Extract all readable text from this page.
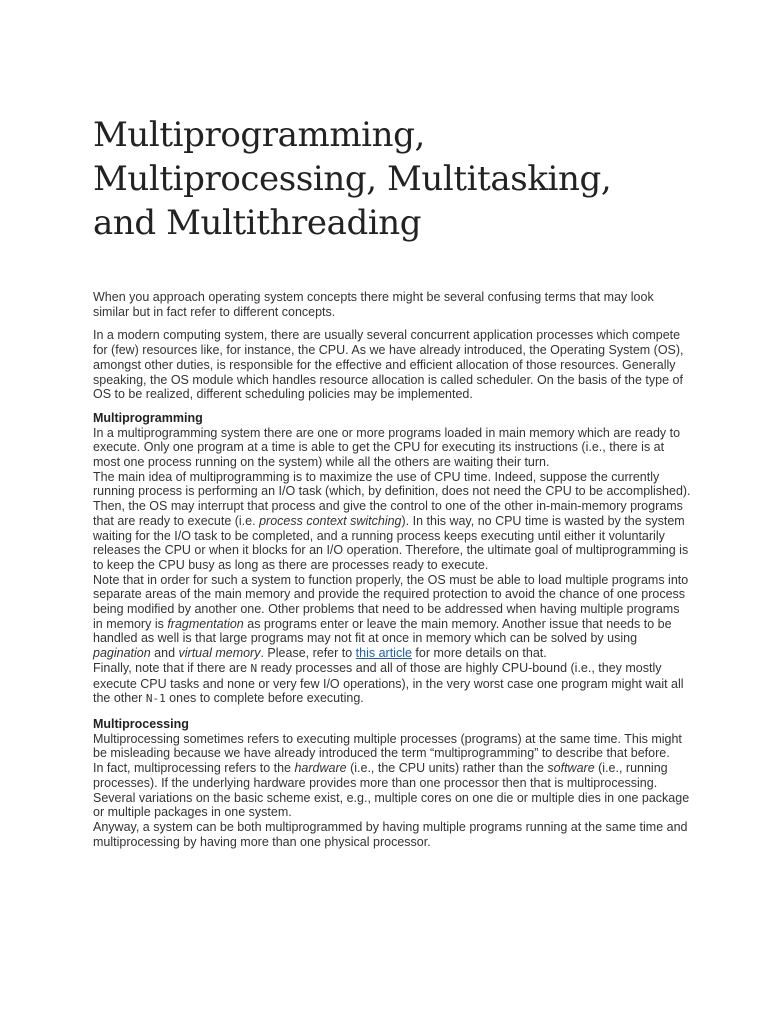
Multiprogramming,
Multiprocessing, Multitasking,
and Multithreading

When you approach operating system concepts there might be several confusing terms that may look similar but in fact refer to different concepts.

In a modern computing system, there are usually several concurrent application processes which compete for (few) resources like, for instance, the CPU. As we have already introduced, the Operating System (OS), amongst other duties, is responsible for the effective and efficient allocation of those resources. Generally speaking, the OS module which handles resource allocation is called scheduler. On the basis of the type of OS to be realized, different scheduling policies may be implemented.

Multiprogramming
In a multiprogramming system there are one or more programs loaded in main memory which are ready to execute. Only one program at a time is able to get the CPU for executing its instructions (i.e., there is at most one process running on the system) while all the others are waiting their turn.
The main idea of multiprogramming is to maximize the use of CPU time. Indeed, suppose the currently running process is performing an I/O task (which, by definition, does not need the CPU to be accomplished). Then, the OS may interrupt that process and give the control to one of the other in-main-memory programs that are ready to execute (i.e. process context switching). In this way, no CPU time is wasted by the system waiting for the I/O task to be completed, and a running process keeps executing until either it voluntarily releases the CPU or when it blocks for an I/O operation. Therefore, the ultimate goal of multiprogramming is to keep the CPU busy as long as there are processes ready to execute.
Note that in order for such a system to function properly, the OS must be able to load multiple programs into separate areas of the main memory and provide the required protection to avoid the chance of one process being modified by another one. Other problems that need to be addressed when having multiple programs in memory is fragmentation as programs enter or leave the main memory. Another issue that needs to be handled as well is that large programs may not fit at once in memory which can be solved by using pagination and virtual memory. Please, refer to this article for more details on that.
Finally, note that if there are N ready processes and all of those are highly CPU-bound (i.e., they mostly execute CPU tasks and none or very few I/O operations), in the very worst case one program might wait all the other N-1 ones to complete before executing.
Multiprocessing
Multiprocessing sometimes refers to executing multiple processes (programs) at the same time. This might be misleading because we have already introduced the term “multiprogramming” to describe that before.
In fact, multiprocessing refers to the hardware (i.e., the CPU units) rather than the software (i.e., running processes). If the underlying hardware provides more than one processor then that is multiprocessing. Several variations on the basic scheme exist, e.g., multiple cores on one die or multiple dies in one package or multiple packages in one system.
Anyway, a system can be both multiprogrammed by having multiple programs running at the same time and multiprocessing by having more than one physical processor.
